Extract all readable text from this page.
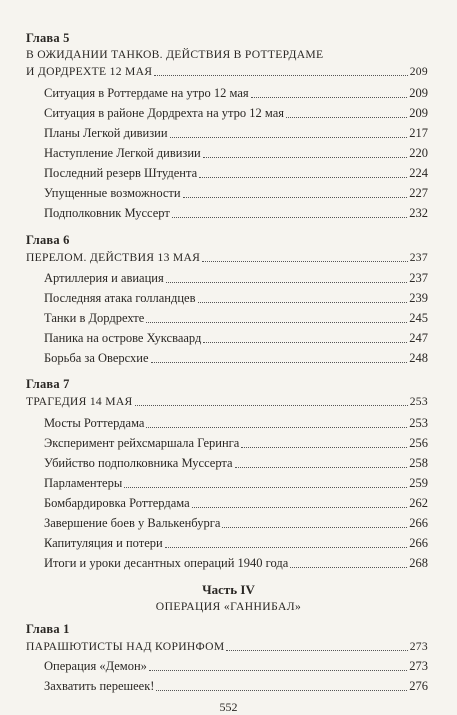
Глава 5
В ОЖИДАНИИ ТАНКОВ. ДЕЙСТВИЯ В РОТТЕРДАМЕ
И ДОРДРЕХТЕ 12 МАЯ	209
Ситуация в Роттердаме на утро 12 мая	209
Ситуация в районе Дордрехта на утро 12 мая	209
Планы Легкой дивизии	217
Наступление Легкой дивизии	220
Последний резерв Штудента	224
Упущенные возможности	227
Подполковник Муссерт	232
Глава 6
ПЕРЕЛОМ. ДЕЙСТВИЯ 13 МАЯ	237
Артиллерия и авиация	237
Последняя атака голландцев	239
Танки в Дордрехте	245
Паника на острове Хуксваард	247
Борьба за Оверсхие	248
Глава 7
ТРАГЕДИЯ 14 МАЯ	253
Мосты Роттердама	253
Эксперимент рейхсмаршала Геринга	256
Убийство подполковника Муссерта	258
Парламентеры	259
Бомбардировка Роттердама	262
Завершение боев у Валькенбурга	266
Капитуляция и потери	266
Итоги и уроки десантных операций 1940 года	268
Часть IV
ОПЕРАЦИЯ «ГАННИБАЛ»
Глава 1
ПАРАШЮТИСТЫ НАД КОРИНФОМ	273
Операция «Демон»	273
Захватить перешеек!	276
552
